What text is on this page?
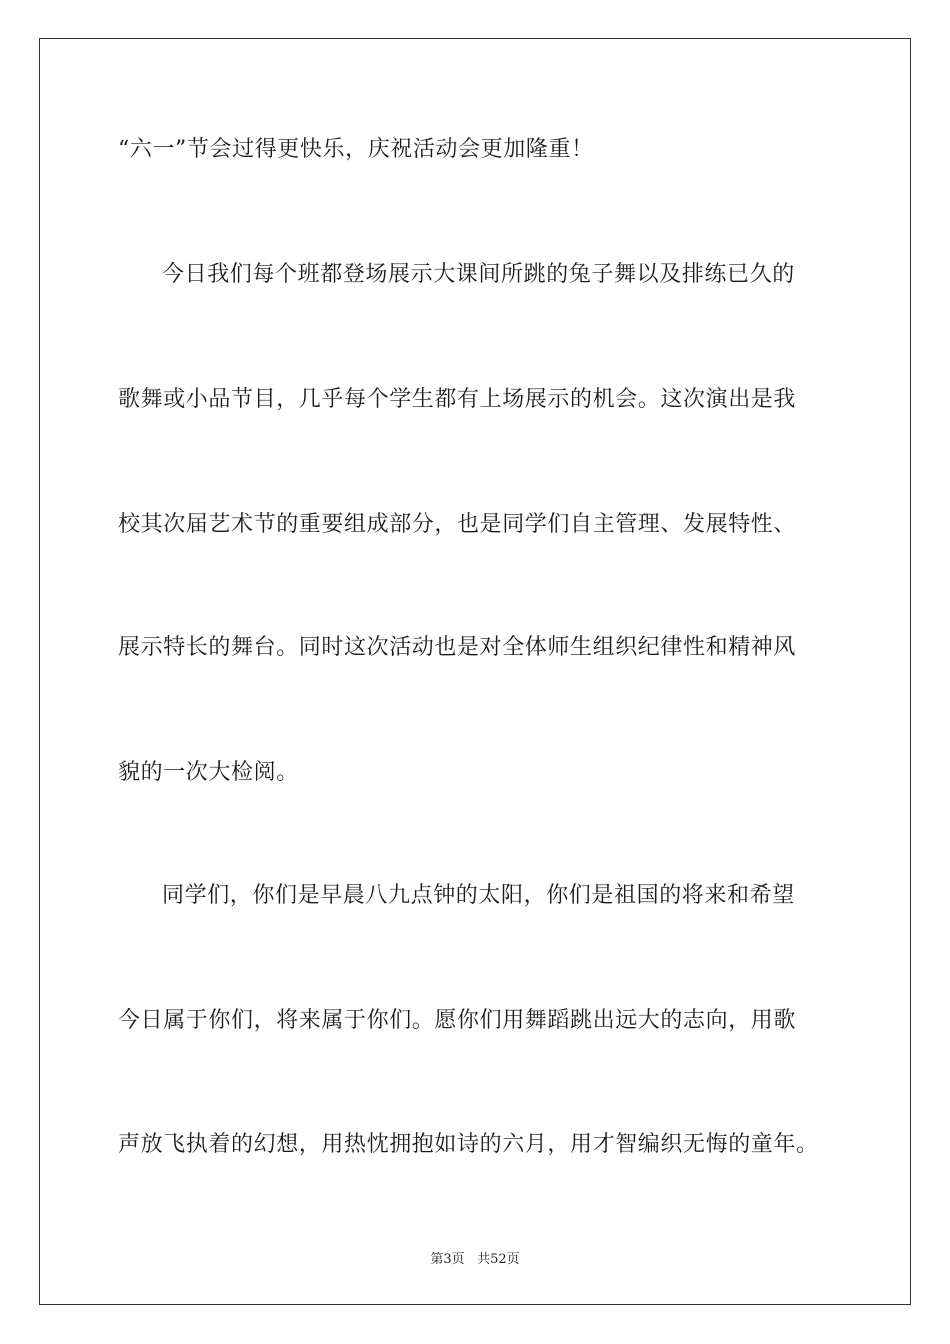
“六一”节会过得更快乐，庆祝活动会更加隆重！
今日我们每个班都登场展示大课间所跳的兔子舞以及排练已久的
歌舞或小品节目，几乎每个学生都有上场展示的机会。这次演出是我
校其次届艺术节的重要组成部分，也是同学们自主管理、发展特性、
展示特长的舞台。同时这次活动也是对全体师生组织纪律性和精神风
貌的一次大检阅。
同学们，你们是早晨八九点钟的太阳，你们是祖国的将来和希望
今日属于你们，将来属于你们。愿你们用舞蹈跳出远大的志向，用歌
声放飞执着的幻想，用热忱拥抱如诗的六月，用才智编织无悔的童年。
第3页 共52页
